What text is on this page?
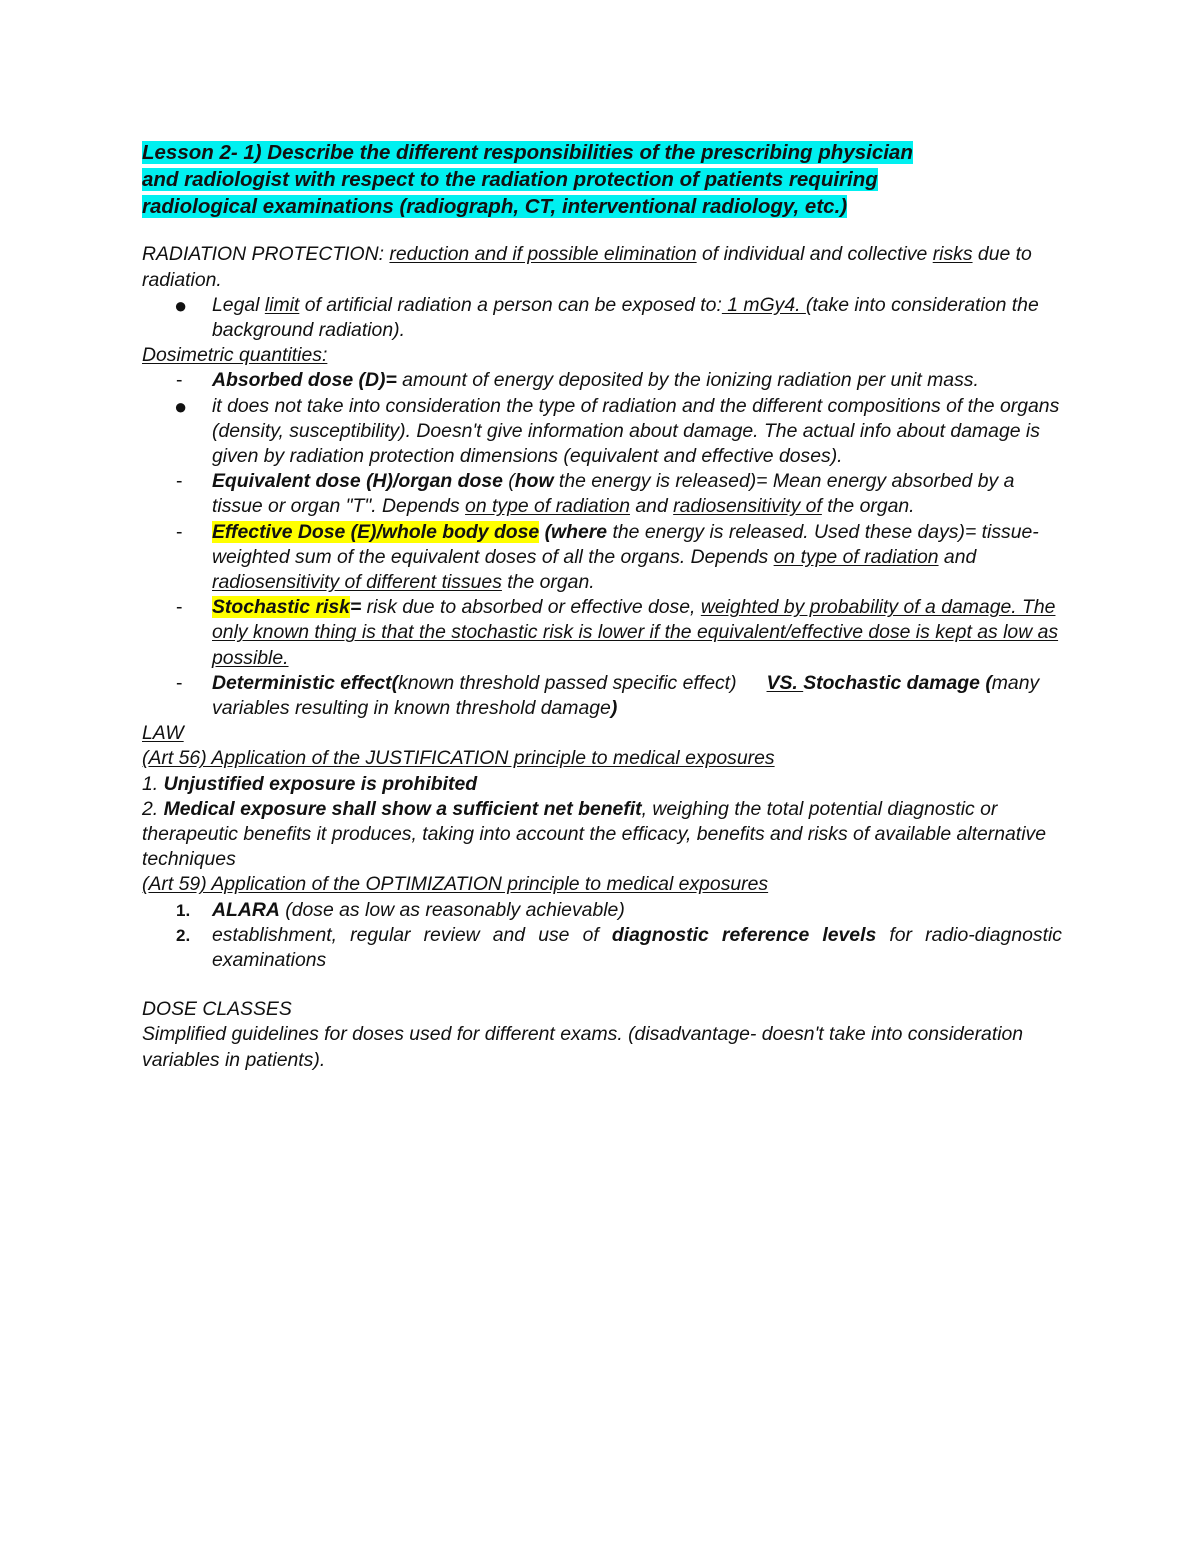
Lesson 2- 1) Describe the different responsibilities of the prescribing physician
and radiologist with respect to the radiation protection of patients requiring
radiological examinations (radiograph, CT, interventional radiology, etc.)

RADIATION PROTECTION: reduction and if possible elimination of individual and collective risks due to radiation.

●	Legal limit of artificial radiation a person can be exposed to: 1 mGy4. (take into consideration the background radiation).

Dosimetric quantities:

-	Absorbed dose (D)= amount of energy deposited by the ionizing radiation per unit mass.
●	it does not take into consideration the type of radiation and the different compositions of the organs (density, susceptibility). Doesn't give information about damage. The actual info about damage is given by radiation protection dimensions (equivalent and effective doses).
-	Equivalent dose (H)/organ dose (how the energy is released)= Mean energy absorbed by a tissue or organ "T". Depends on type of radiation and radiosensitivity of the organ.
-	Effective Dose (E)/whole body dose (where the energy is released. Used these days)= tissue-weighted sum of the equivalent doses of all the organs. Depends on type of radiation and radiosensitivity of different tissues the organ.
-	Stochastic risk= risk due to absorbed or effective dose, weighted by probability of a damage. The only known thing is that the stochastic risk is lower if the equivalent/effective dose is kept as low as possible.
-	Deterministic effect(known threshold passed specific effect) VS. Stochastic damage (many variables resulting in known threshold damage)

LAW

(Art 56) Application of the JUSTIFICATION principle to medical exposures

1. Unjustified exposure is prohibited

2. Medical exposure shall show a sufficient net benefit, weighing the total potential diagnostic or therapeutic benefits it produces, taking into account the efficacy, benefits and risks of available alternative techniques

(Art 59) Application of the OPTIMIZATION principle to medical exposures

1.	ALARA (dose as low as reasonably achievable)
2.	establishment, regular review and use of diagnostic reference levels for radio-diagnostic examinations

DOSE CLASSES

Simplified guidelines for doses used for different exams. (disadvantage- doesn't take into consideration variables in patients).
